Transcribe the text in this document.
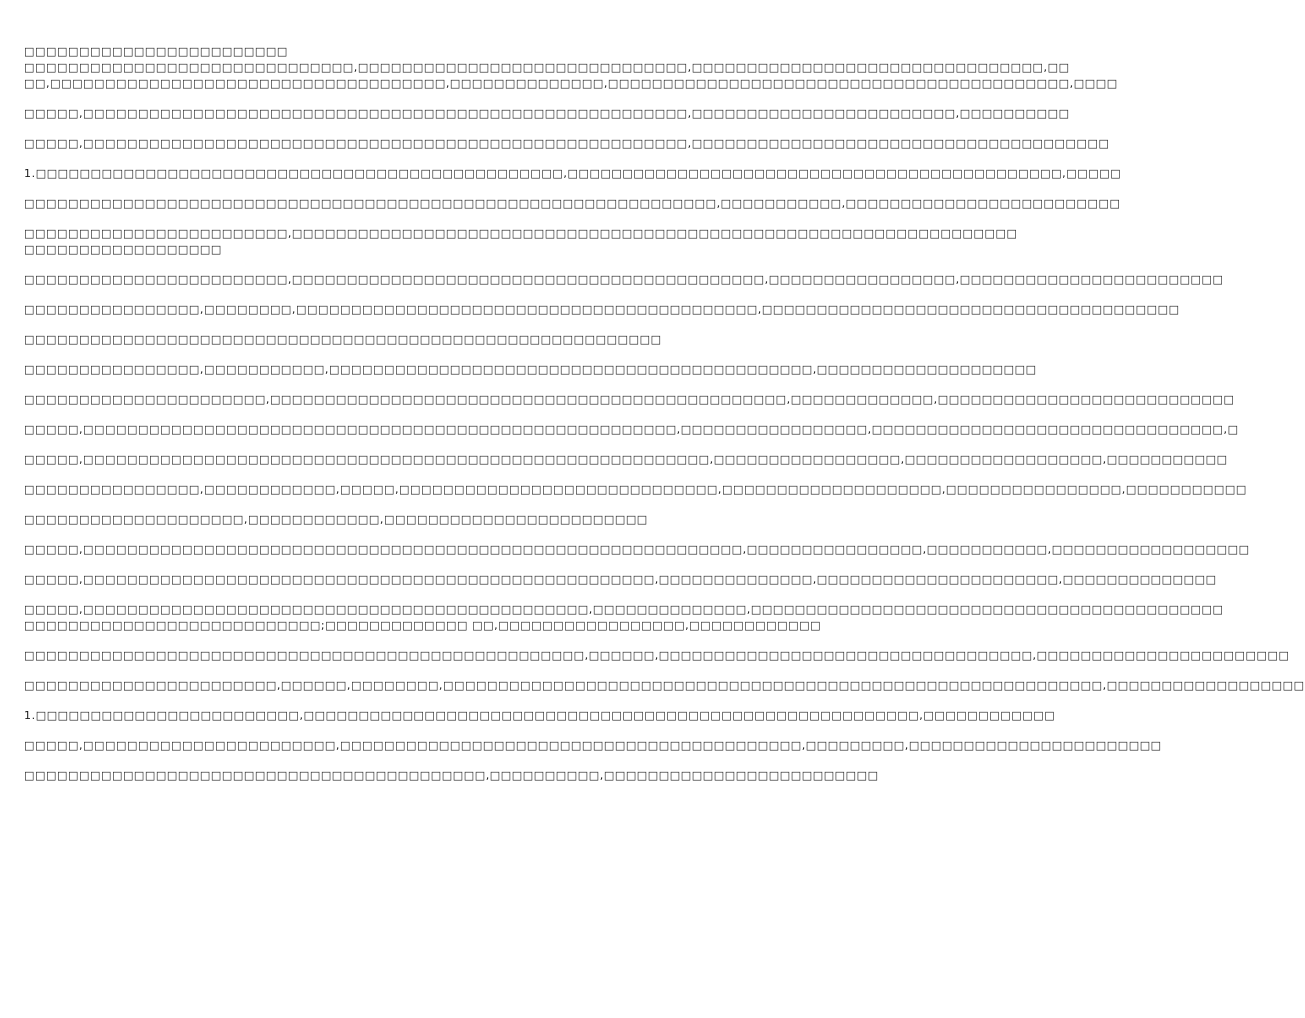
□□□□□□□□□□□□□□□□□□□□□□□□
□□□□□□□□□□□□□□□□□□□□□□□□□□□□□□,□□□□□□□□□□□□□□□□□□□□□□□□□□□□□□,□□□□□□□□□□□□□□□□□□□□□□□□□□□□□□□□,□□
□□,□□□□□□□□□□□□□□□□□□□□□□□□□□□□□□□□□□□□,□□□□□□□□□□□□□□,□□□□□□□□□□□□□□□□□□□□□□□□□□□□□□□□□□□□□□□□□□,□□□□
□□□□□,□□□□□□□□□□□□□□□□□□□□□□□□□□□□□□□□□□□□□□□□□□□□□□□□□□□□□□□,□□□□□□□□□□□□□□□□□□□□□□□□,□□□□□□□□□□
□□□□□,□□□□□□□□□□□□□□□□□□□□□□□□□□□□□□□□□□□□□□□□□□□□□□□□□□□□□□□,□□□□□□□□□□□□□□□□□□□□□□□□□□□□□□□□□□□□□□
1.□□□□□□□□□□□□□□□□□□□□□□□□□□□□□□□□□□□□□□□□□□□□□□□□,□□□□□□□□□□□□□□□□□□□□□□□□□□□□□□□□□□□□□□□□□□□□□,□□□□□
□□□□□□□□□□□□□□□□□□□□□□□□□□□□□□□□□□□□□□□□□□□□□□□□□□□□□□□□□□□□□□□,□□□□□□□□□□□,□□□□□□□□□□□□□□□□□□□□□□□□□
□□□□□□□□□□□□□□□□□□□□□□□□,□□□□□□□□□□□□□□□□□□□□□□□□□□□□□□□□□□□□□□□□□□□□□□□□□□□□□□□□□□□□□□□□□□
□□□□□□□□□□□□□□□□□□
□□□□□□□□□□□□□□□□□□□□□□□□,□□□□□□□□□□□□□□□□□□□□□□□□□□□□□□□□□□□□□□□□□□□,□□□□□□□□□□□□□□□□□,□□□□□□□□□□□□□□□□□□□□□□□□
□□□□□□□□□□□□□□□□,□□□□□□□□,□□□□□□□□□□□□□□□□□□□□□□□□□□□□□□□□□□□□□□□□□□,□□□□□□□□□□□□□□□□□□□□□□□□□□□□□□□□□□□□□□
□□□□□□□□□□□□□□□□□□□□□□□□□□□□□□□□□□□□□□□□□□□□□□□□□□□□□□□□□□
□□□□□□□□□□□□□□□□,□□□□□□□□□□□,□□□□□□□□□□□□□□□□□□□□□□□□□□□□□□□□□□□□□□□□□□□□,□□□□□□□□□□□□□□□□□□□□
□□□□□□□□□□□□□□□□□□□□□□,□□□□□□□□□□□□□□□□□□□□□□□□□□□□□□□□□□□□□□□□□□□□□□□,□□□□□□□□□□□□□,□□□□□□□□□□□□□□□□□□□□□□□□□□□
□□□□□,□□□□□□□□□□□□□□□□□□□□□□□□□□□□□□□□□□□□□□□□□□□□□□□□□□□□□□,□□□□□□□□□□□□□□□□□,□□□□□□□□□□□□□□□□□□□□□□□□□□□□□□□□,□
□□□□□,□□□□□□□□□□□□□□□□□□□□□□□□□□□□□□□□□□□□□□□□□□□□□□□□□□□□□□□□□,□□□□□□□□□□□□□□□□□,□□□□□□□□□□□□□□□□□□,□□□□□□□□□□□
□□□□□□□□□□□□□□□□,□□□□□□□□□□□□,□□□□□,□□□□□□□□□□□□□□□□□□□□□□□□□□□□□,□□□□□□□□□□□□□□□□□□□□,□□□□□□□□□□□□□□□□,□□□□□□□□□□□
□□□□□□□□□□□□□□□□□□□□,□□□□□□□□□□□□,□□□□□□□□□□□□□□□□□□□□□□□□
□□□□□,□□□□□□□□□□□□□□□□□□□□□□□□□□□□□□□□□□□□□□□□□□□□□□□□□□□□□□□□□□□□,□□□□□□□□□□□□□□□□,□□□□□□□□□□□,□□□□□□□□□□□□□□□□□□
□□□□□,□□□□□□□□□□□□□□□□□□□□□□□□□□□□□□□□□□□□□□□□□□□□□□□□□□□□,□□□□□□□□□□□□□□,□□□□□□□□□□□□□□□□□□□□□□,□□□□□□□□□□□□□□
□□□□□,□□□□□□□□□□□□□□□□□□□□□□□□□□□□□□□□□□□□□□□□□□□□□□,□□□□□□□□□□□□□□,□□□□□□□□□□□□□□□□□□□□□□□□□□□□□□□□□□□□□□□□□□□
□□□□□□□□□□□□□□□□□□□□□□□□□□□;□□□□□□□□□□□□□ □□,□□□□□□□□□□□□□□□□□,□□□□□□□□□□□□
□□□□□□□□□□□□□□□□□□□□□□□□□□□□□□□□□□□□□□□□□□□□□□□□□□□,□□□□□□,□□□□□□□□□□□□□□□□□□□□□□□□□□□□□□□□□□,□□□□□□□□□□□□□□□□□□□□□□□
□□□□□□□□□□□□□□□□□□□□□□□,□□□□□□,□□□□□□□□,□□□□□□□□□□□□□□□□□□□□□□□□□□□□□□□□□□□□□□□□□□□□□□□□□□□□□□□□□□□□,□□□□□□□□□□□□□□□□□□
1.□□□□□□□□□□□□□□□□□□□□□□□□,□□□□□□□□□□□□□□□□□□□□□□□□□□□□□□□□□□□□□□□□□□□□□□□□□□□□□□□□,□□□□□□□□□□□□
□□□□□,□□□□□□□□□□□□□□□□□□□□□□□,□□□□□□□□□□□□□□□□□□□□□□□□□□□□□□□□□□□□□□□□□□,□□□□□□□□□,□□□□□□□□□□□□□□□□□□□□□□□
□□□□□□□□□□□□□□□□□□□□□□□□□□□□□□□□□□□□□□□□□□,□□□□□□□□□□,□□□□□□□□□□□□□□□□□□□□□□□□□
